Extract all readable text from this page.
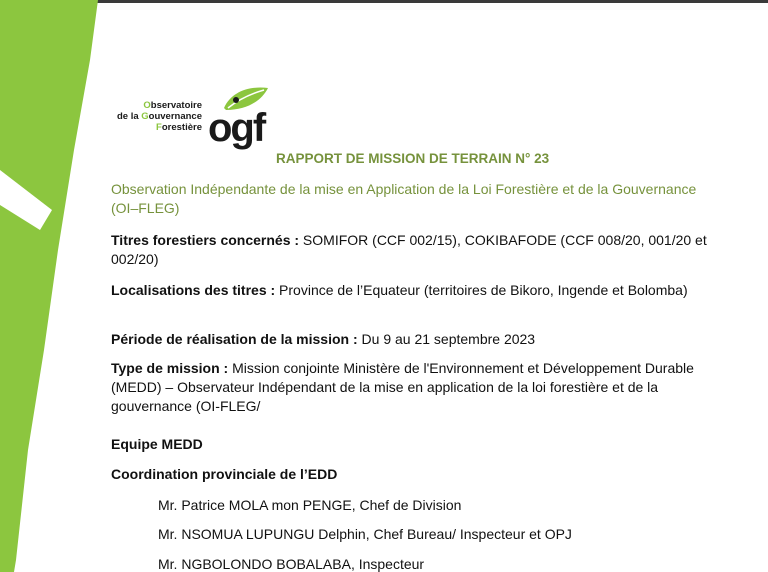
Observatoire
de la Gouvernance
Forestière ogf
RAPPORT DE MISSION DE TERRAIN N° 23
Observation Indépendante de la mise en Application de la Loi Forestière et de la Gouvernance (OI–FLEG)
Titres forestiers concernés : SOMIFOR (CCF 002/15), COKIBAFODE (CCF 008/20, 001/20 et 002/20)
Localisations des titres : Province de l’Equateur (territoires de Bikoro, Ingende et Bolomba)
Période de réalisation de la mission : Du 9 au 21 septembre 2023
Type de mission : Mission conjointe Ministère de l'Environnement et Développement Durable (MEDD) – Observateur Indépendant de la mise en application de la loi forestière et de la gouvernance (OI-FLEG/
Equipe MEDD
Coordination provinciale de l’EDD
Mr. Patrice MOLA mon PENGE, Chef de Division
Mr. NSOMUA LUPUNGU Delphin, Chef Bureau/ Inspecteur et OPJ
Mr. NGBOLONDO BOBALABA, Inspecteur
